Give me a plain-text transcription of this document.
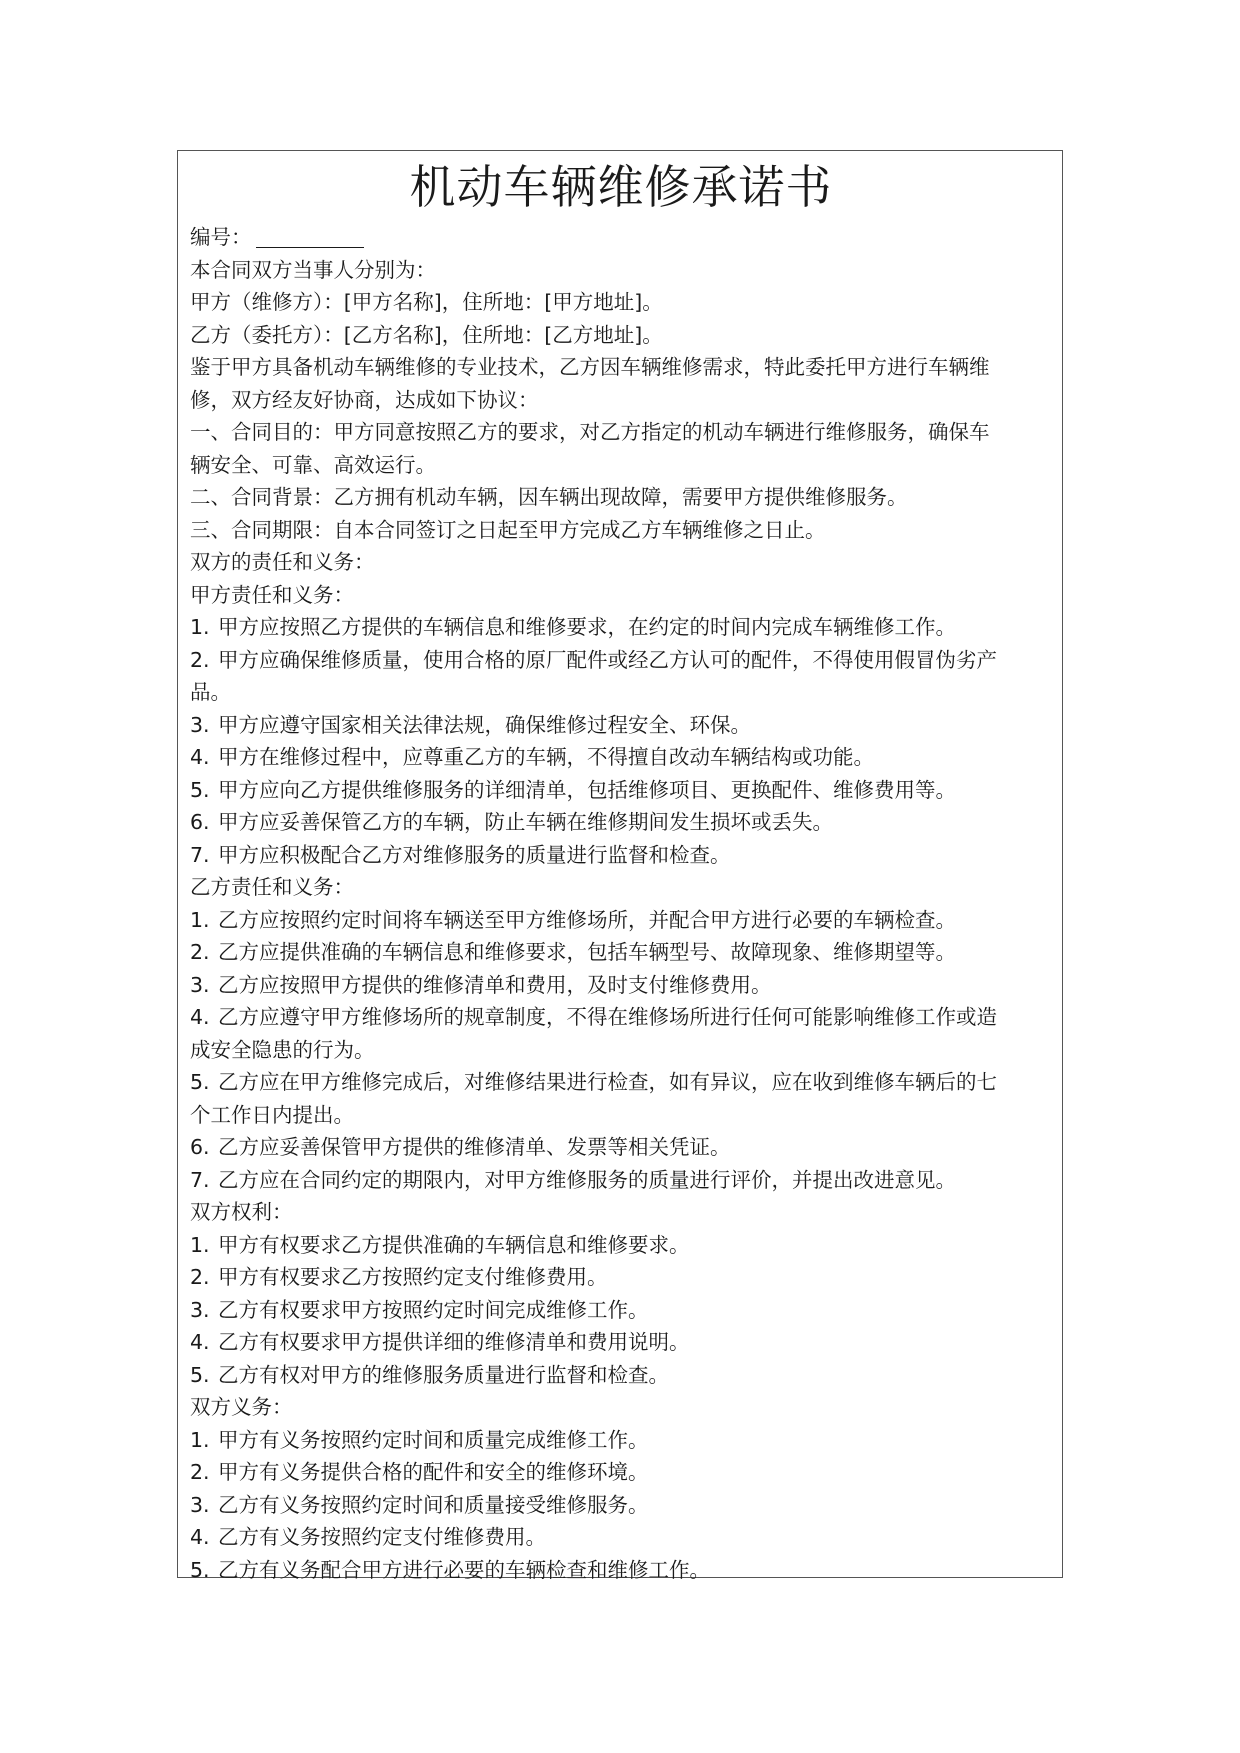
机动车辆维修承诺书

编号：

本合同双方当事人分别为：

甲方（维修方）：[甲方名称]，住所地：[甲方地址]。

乙方（委托方）：[乙方名称]，住所地：[乙方地址]。

鉴于甲方具备机动车辆维修的专业技术，乙方因车辆维修需求，特此委托甲方进行车辆维

修，双方经友好协商，达成如下协议：

一、合同目的：甲方同意按照乙方的要求，对乙方指定的机动车辆进行维修服务，确保车

辆安全、可靠、高效运行。

二、合同背景：乙方拥有机动车辆，因车辆出现故障，需要甲方提供维修服务。

三、合同期限：自本合同签订之日起至甲方完成乙方车辆维修之日止。

双方的责任和义务：

甲方责任和义务：

1. 甲方应按照乙方提供的车辆信息和维修要求，在约定的时间内完成车辆维修工作。

2. 甲方应确保维修质量，使用合格的原厂配件或经乙方认可的配件，不得使用假冒伪劣产

品。

3. 甲方应遵守国家相关法律法规，确保维修过程安全、环保。

4. 甲方在维修过程中，应尊重乙方的车辆，不得擅自改动车辆结构或功能。

5. 甲方应向乙方提供维修服务的详细清单，包括维修项目、更换配件、维修费用等。

6. 甲方应妥善保管乙方的车辆，防止车辆在维修期间发生损坏或丢失。

7. 甲方应积极配合乙方对维修服务的质量进行监督和检查。

乙方责任和义务：

1. 乙方应按照约定时间将车辆送至甲方维修场所，并配合甲方进行必要的车辆检查。

2. 乙方应提供准确的车辆信息和维修要求，包括车辆型号、故障现象、维修期望等。

3. 乙方应按照甲方提供的维修清单和费用，及时支付维修费用。

4. 乙方应遵守甲方维修场所的规章制度，不得在维修场所进行任何可能影响维修工作或造

成安全隐患的行为。

5. 乙方应在甲方维修完成后，对维修结果进行检查，如有异议，应在收到维修车辆后的七

个工作日内提出。

6. 乙方应妥善保管甲方提供的维修清单、发票等相关凭证。

7. 乙方应在合同约定的期限内，对甲方维修服务的质量进行评价，并提出改进意见。

双方权利：

1. 甲方有权要求乙方提供准确的车辆信息和维修要求。

2. 甲方有权要求乙方按照约定支付维修费用。

3. 乙方有权要求甲方按照约定时间完成维修工作。

4. 乙方有权要求甲方提供详细的维修清单和费用说明。

5. 乙方有权对甲方的维修服务质量进行监督和检查。

双方义务：

1. 甲方有义务按照约定时间和质量完成维修工作。

2. 甲方有义务提供合格的配件和安全的维修环境。

3. 乙方有义务按照约定时间和质量接受维修服务。

4. 乙方有义务按照约定支付维修费用。

5. 乙方有义务配合甲方进行必要的车辆检查和维修工作。
